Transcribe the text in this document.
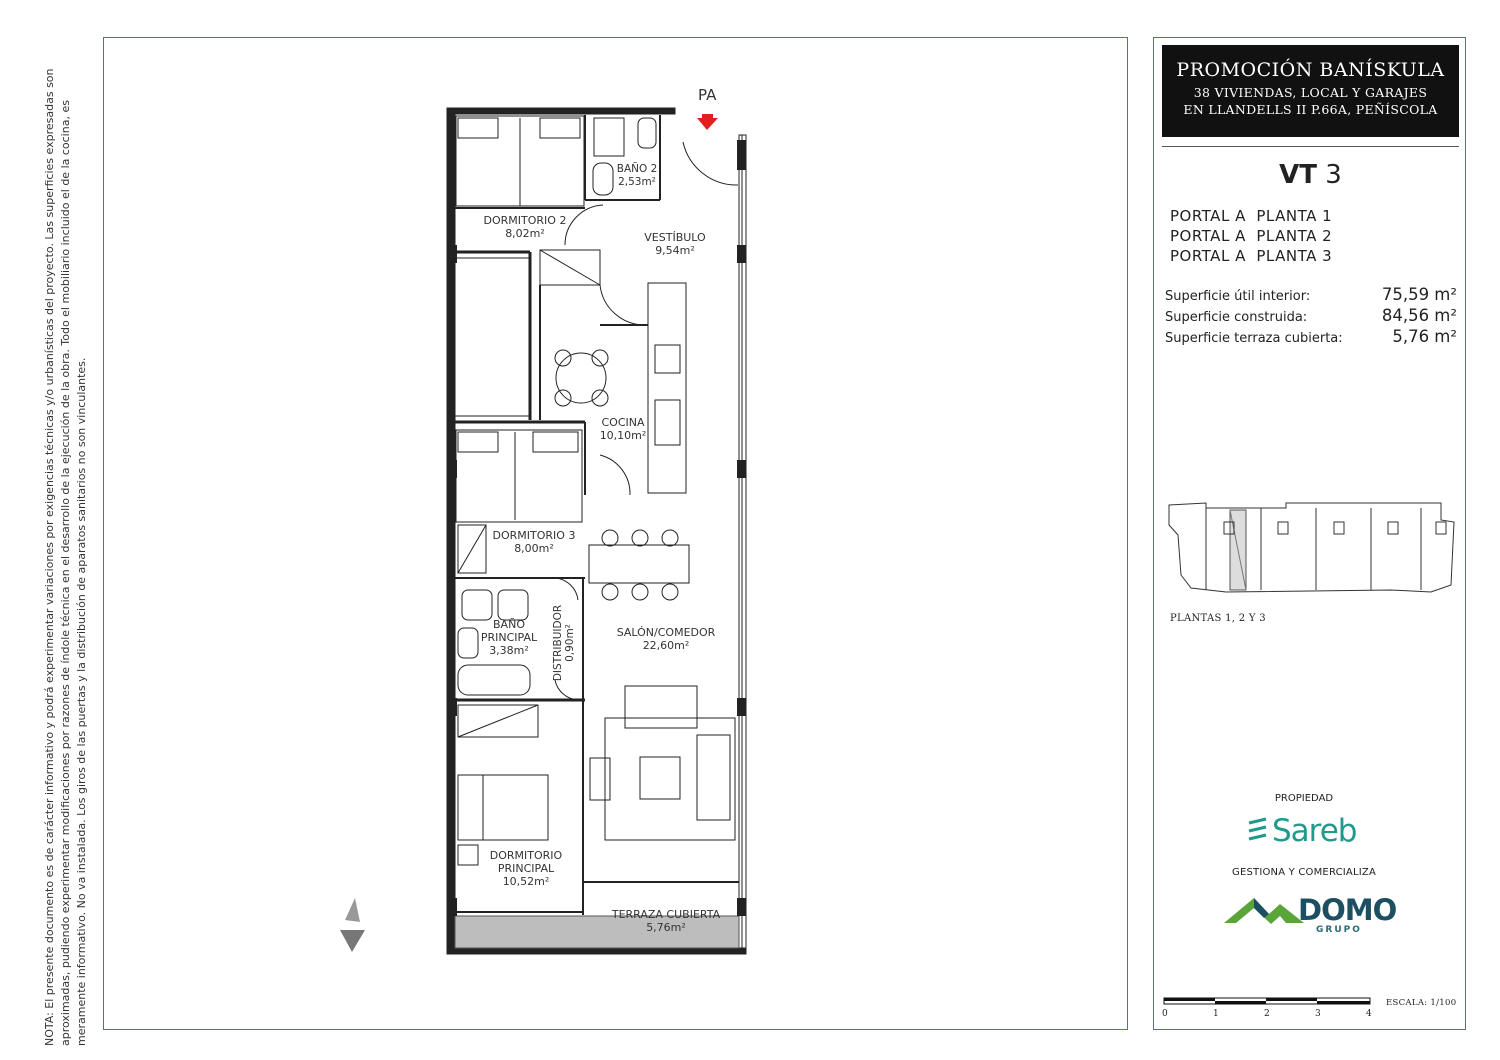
NOTA: El presente documento es de carácter informativo y podrá experimentar variaciones por exigencias técnicas y/o urbanísticas del proyecto. Las superficies expresadas son aproximadas, pudiendo experimentar modificaciones por razones de índole técnica en el desarrollo de la ejecución de la obra. Todo el mobiliario incluido el de la cocina, es meramente informativo. No va instalada. Los giros de las puertas y la distribución de aparatos sanitarios no son vinculantes.
PA
DORMITORIO 2
8,02m²
BAÑO 2
2,53m²
VESTÍBULO
9,54m²
COCINA
10,10m²
DORMITORIO 3
8,00m²
BAÑO
PRINCIPAL
3,38m²	DISTRIBUIDOR 0,90m²	SALÓN/COMEDOR
22,60m²
DORMITORIO
PRINCIPAL
10,52m²
TERRAZA CUBIERTA
5,76m²
PROMOCIÓN BANÍSKULA
38 VIVIENDAS, LOCAL Y GARAJES
EN LLANDELLS II P.66A, PEÑÍSCOLA
VT 3
PORTAL A  PLANTA 1
PORTAL A  PLANTA 2
PORTAL A  PLANTA 3
Superficie útil interior:	75,59 m²
Superficie construida:	84,56 m²
Superficie terraza cubierta:	5,76 m²
PLANTAS 1, 2 Y 3
PROPIEDAD
Sareb
GESTIONA Y COMERCIALIZA
DOMO
GRUPO
0	1	2	3	4
ESCALA: 1/100
